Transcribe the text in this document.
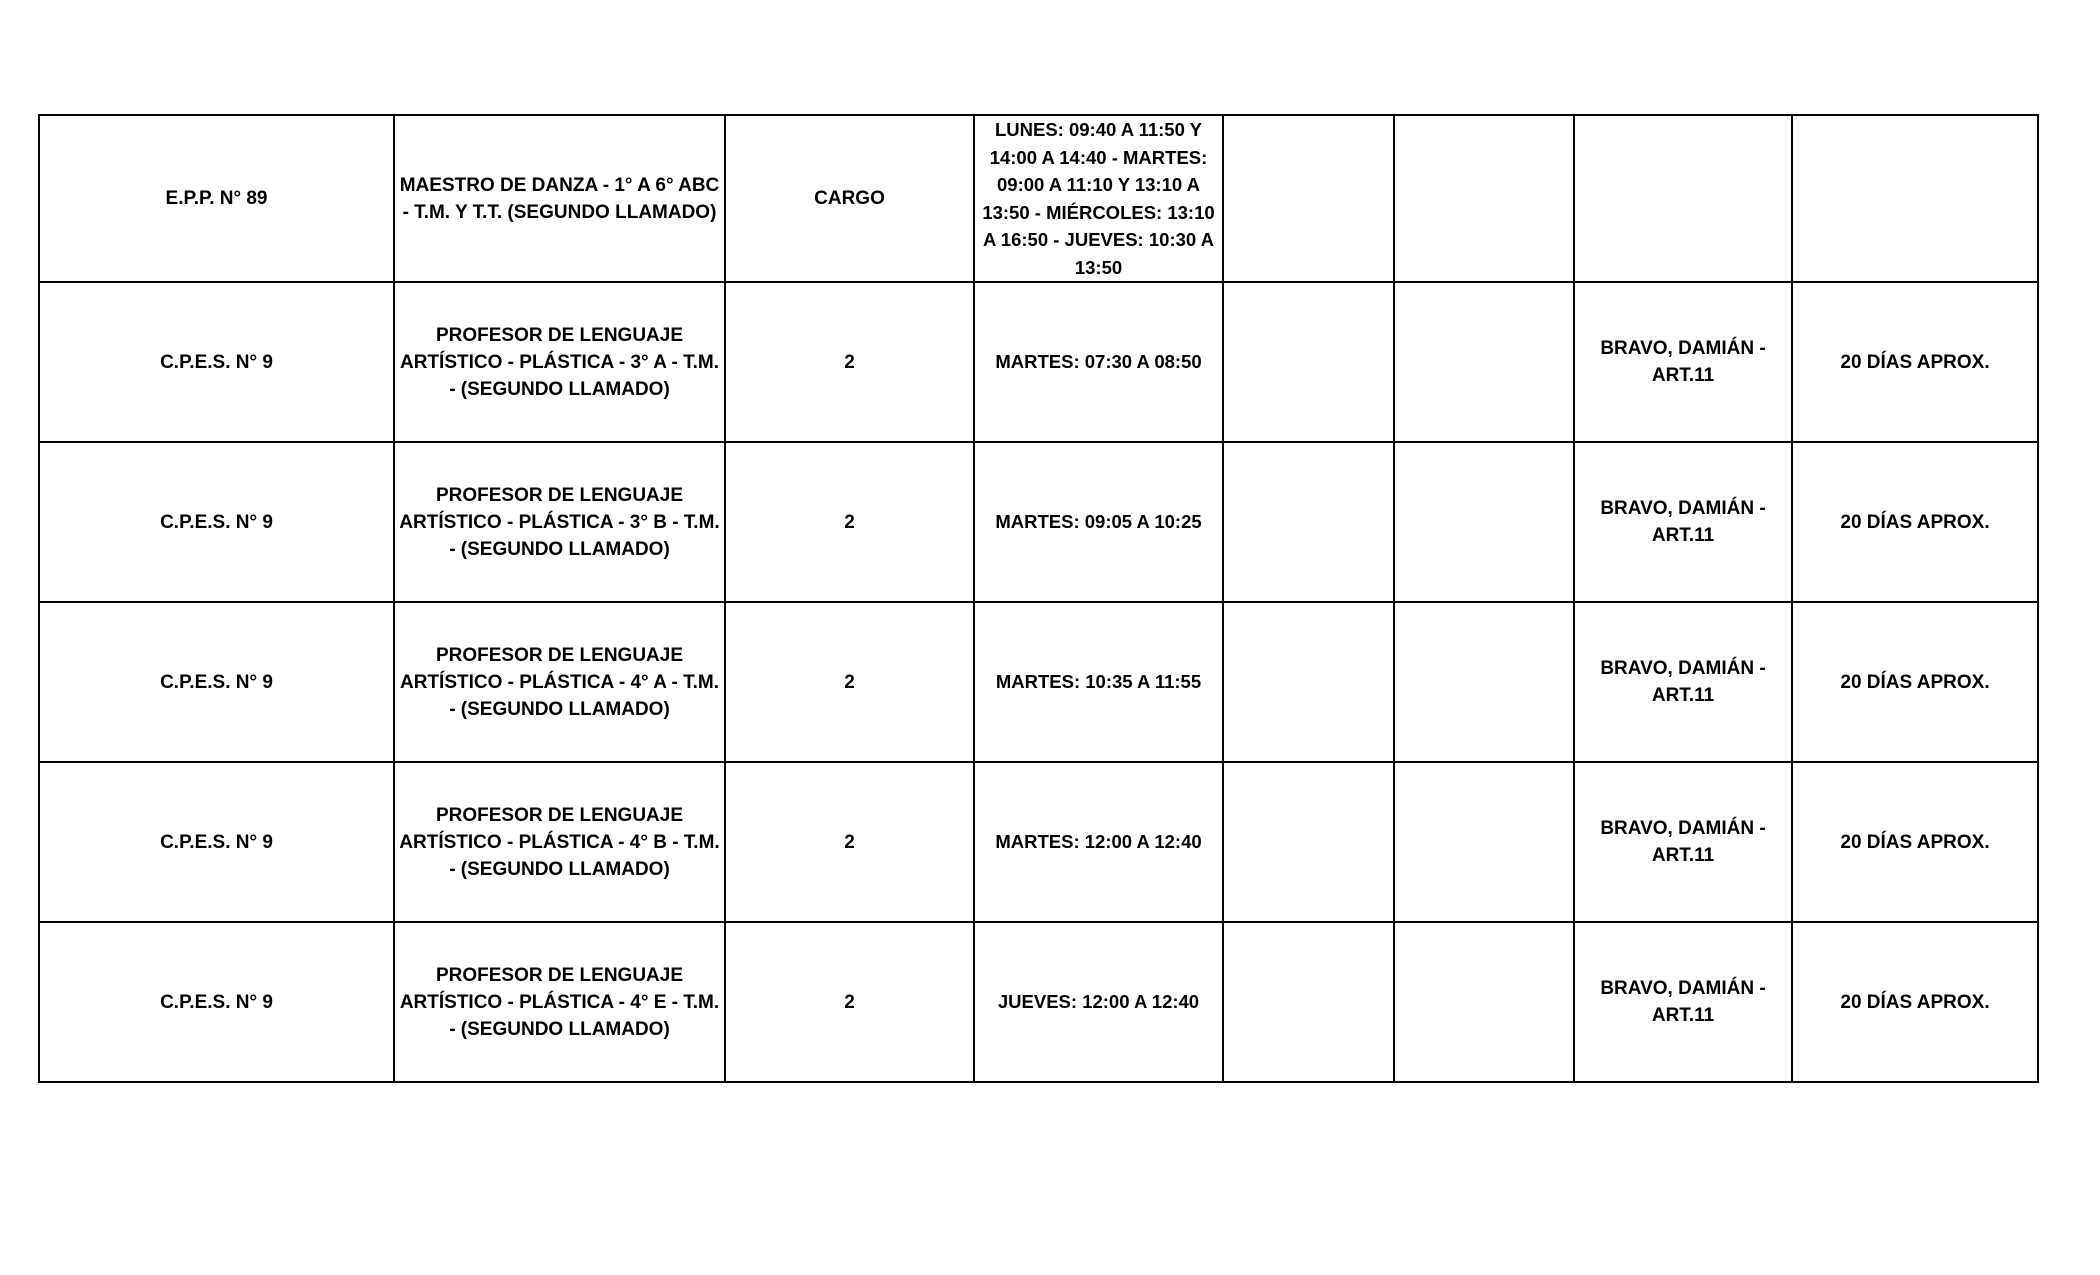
E.P.P. N° 89	MAESTRO DE DANZA - 1° A 6° ABC - T.M. Y T.T. (SEGUNDO LLAMADO)	CARGO	LUNES: 09:40 A 11:50 Y 14:00 A 14:40 - MARTES: 09:00 A 11:10 Y 13:10 A 13:50 - MIÉRCOLES: 13:10 A 16:50 - JUEVES: 10:30 A 13:50				
C.P.E.S. N° 9	PROFESOR DE LENGUAJE ARTÍSTICO - PLÁSTICA - 3° A - T.M. - (SEGUNDO LLAMADO)	2	MARTES: 07:30 A 08:50			BRAVO, DAMIÁN - ART.11	20 DÍAS APROX.
C.P.E.S. N° 9	PROFESOR DE LENGUAJE ARTÍSTICO - PLÁSTICA - 3° B - T.M. - (SEGUNDO LLAMADO)	2	MARTES: 09:05 A 10:25			BRAVO, DAMIÁN - ART.11	20 DÍAS APROX.
C.P.E.S. N° 9	PROFESOR DE LENGUAJE ARTÍSTICO - PLÁSTICA - 4° A - T.M. - (SEGUNDO LLAMADO)	2	MARTES: 10:35 A 11:55			BRAVO, DAMIÁN - ART.11	20 DÍAS APROX.
C.P.E.S. N° 9	PROFESOR DE LENGUAJE ARTÍSTICO - PLÁSTICA - 4° B - T.M. - (SEGUNDO LLAMADO)	2	MARTES: 12:00 A 12:40			BRAVO, DAMIÁN - ART.11	20 DÍAS APROX.
C.P.E.S. N° 9	PROFESOR DE LENGUAJE ARTÍSTICO - PLÁSTICA - 4° E - T.M. - (SEGUNDO LLAMADO)	2	JUEVES: 12:00 A 12:40			BRAVO, DAMIÁN - ART.11	20 DÍAS APROX.
